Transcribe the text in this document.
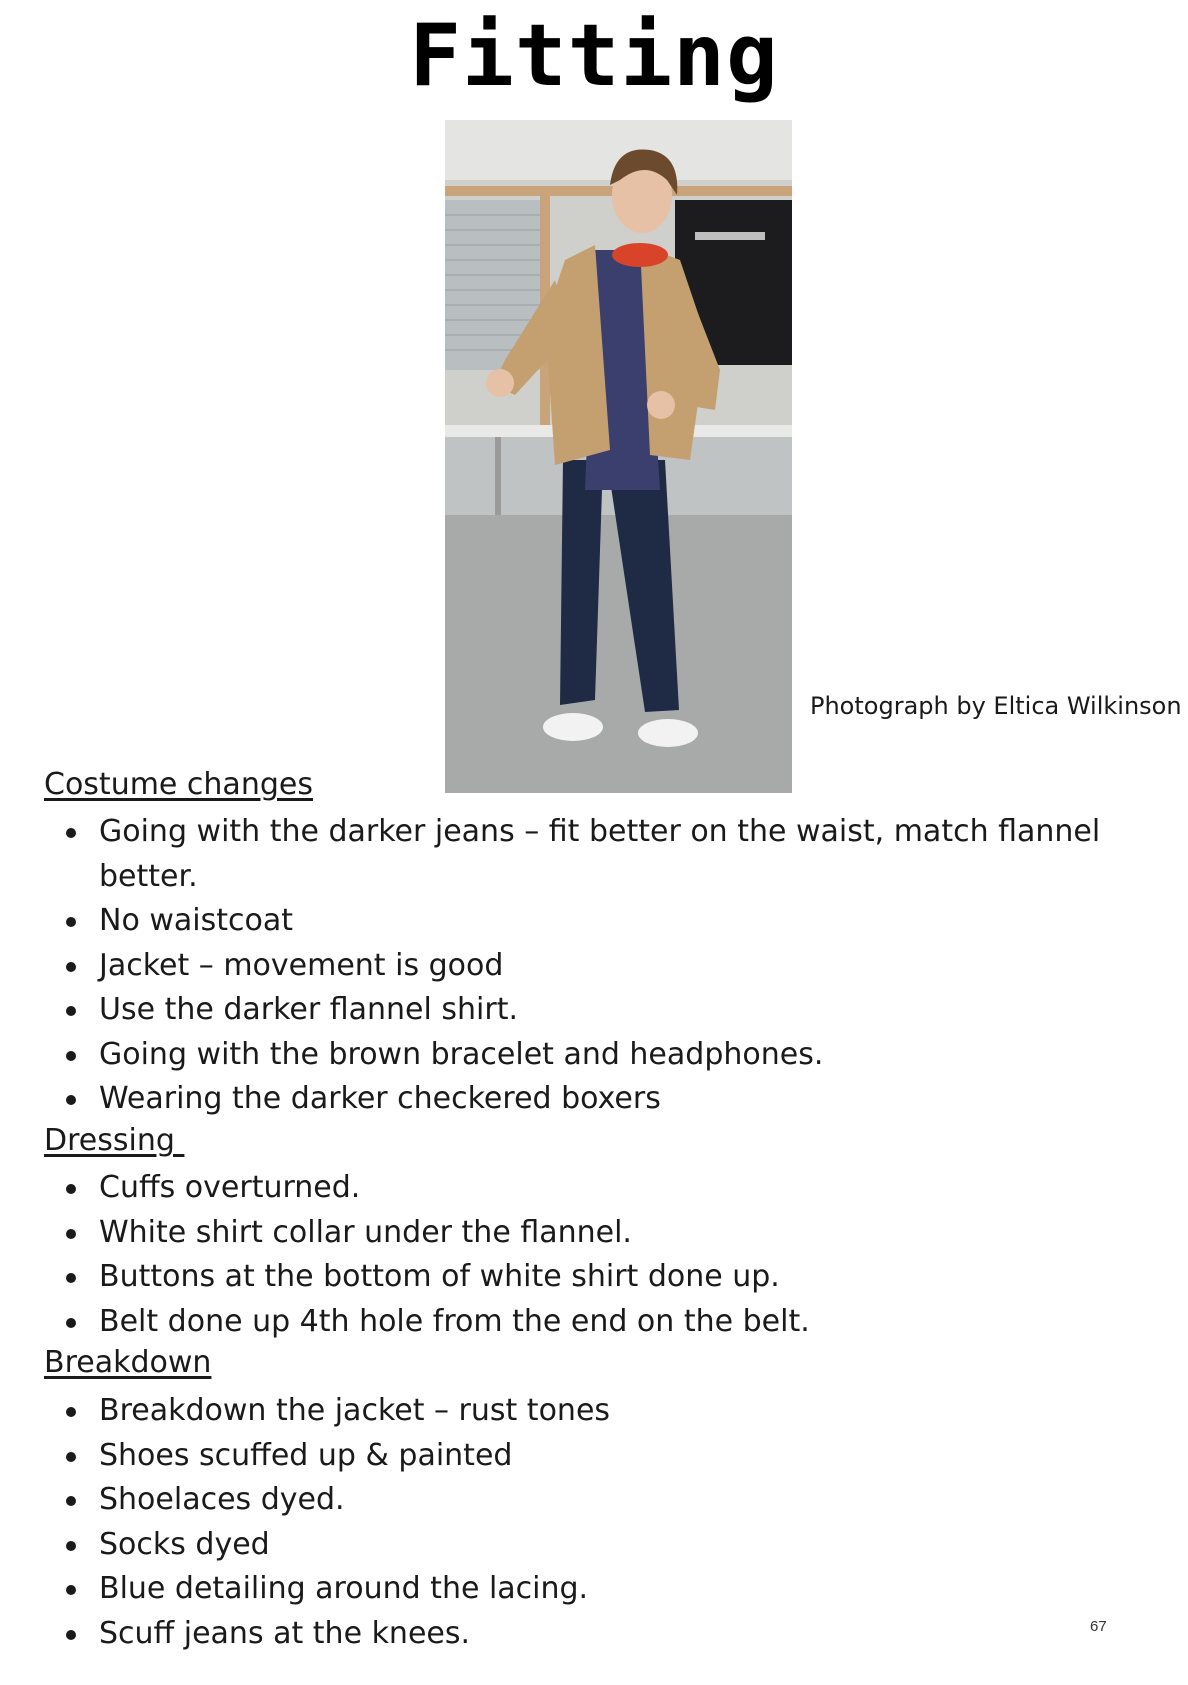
Fitting
Photograph by Eltica Wilkinson
Costume changes
Going with the darker jeans – fit better on the waist, match flannel better.
No waistcoat
Jacket – movement is good
Use the darker flannel shirt.
Going with the brown bracelet and headphones.
Wearing the darker checkered boxers
Dressing
Cuffs overturned.
White shirt collar under the flannel.
Buttons at the bottom of white shirt done up.
Belt done up 4th hole from the end on the belt.
Breakdown
Breakdown the jacket – rust tones
Shoes scuffed up & painted
Shoelaces dyed.
Socks dyed
Blue detailing around the lacing.
Scuff jeans at the knees.	67
